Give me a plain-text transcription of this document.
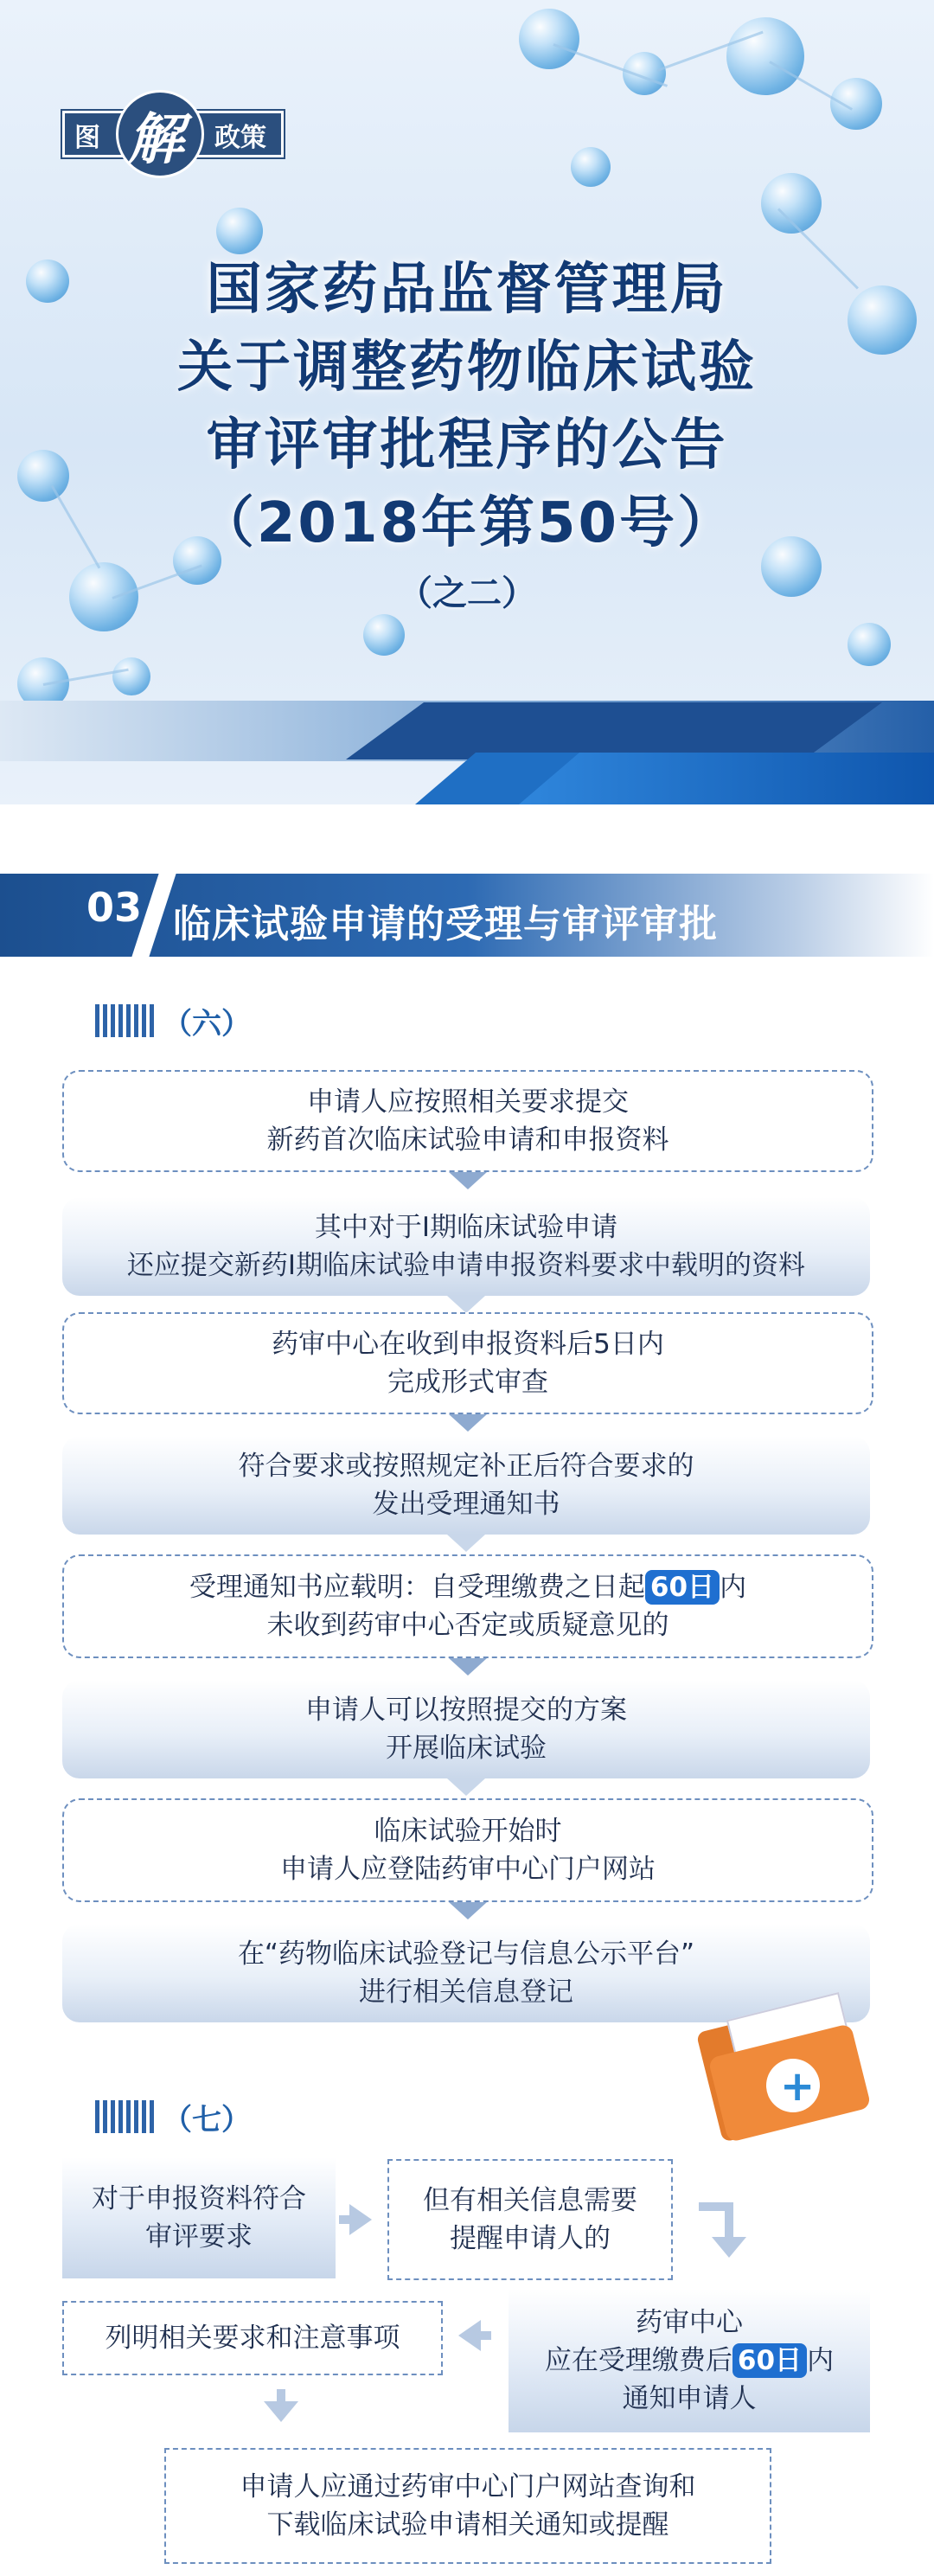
图 解 政策
国家药品监督管理局
关于调整药物临床试验
审评审批程序的公告
（2018年第50号）
（之二）
03 临床试验申请的受理与审评审批
（六）
申请人应按照相关要求提交
新药首次临床试验申请和申报资料
其中对于Ⅰ期临床试验申请
还应提交新药Ⅰ期临床试验申请申报资料要求中载明的资料
药审中心在收到申报资料后5日内
完成形式审查
符合要求或按照规定补正后符合要求的
发出受理通知书
受理通知书应载明：自受理缴费之日起 60日 内
未收到药审中心否定或质疑意见的
申请人可以按照提交的方案
开展临床试验
临床试验开始时
申请人应登陆药审中心门户网站
在“药物临床试验登记与信息公示平台”
进行相关信息登记
+
（七）
对于申报资料符合
审评要求
但有相关信息需要
提醒申请人的
列明相关要求和注意事项	药审中心
应在受理缴费后 60日 内
通知申请人
申请人应通过药审中心门户网站查询和
下载临床试验申请相关通知或提醒
